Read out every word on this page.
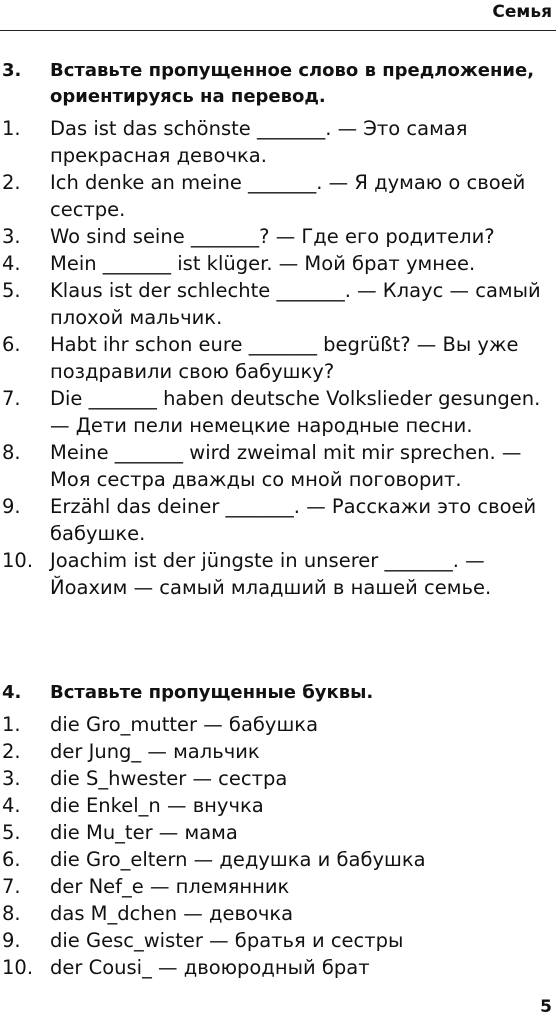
Семья
3.	Вставьте пропущенное слово в предложение, ориентируясь на перевод.
1.	Das ist das schönste _______. — Это самая прекрасная девочка.
2.	Ich denke an meine _______. — Я думаю о своей сестре.
3.	Wo sind seine _______? — Где его родители?
4.	Mein _______ ist klüger. — Мой брат умнее.
5.	Klaus ist der schlechte _______. — Клаус — самый плохой мальчик.
6.	Habt ihr schon eure _______ begrüßt? — Вы уже поздравили свою бабушку?
7.	Die _______ haben deutsche Volkslieder gesungen. — Дети пели немецкие народные песни.
8.	Meine _______ wird zweimal mit mir sprechen. — Моя сестра дважды со мной поговорит.
9.	Erzähl das deiner _______. — Расскажи это своей бабушке.
10. Joachim ist der jüngste in unserer _______. — Йоахим — самый младший в нашей семье.
4.	Вставьте пропущенные буквы.
1.	die Gro_mutter — бабушка
2.	der Jung_ — мальчик
3.	die S_hwester — сестра
4.	die Enkel_n — внучка
5.	die Mu_ter — мама
6.	die Gro_eltern — дедушка и бабушка
7.	der Nef_e — племянник
8.	das M_dchen — девочка
9.	die Gesc_wister — братья и сестры
10. der Cousi_ — двоюродный брат
5
